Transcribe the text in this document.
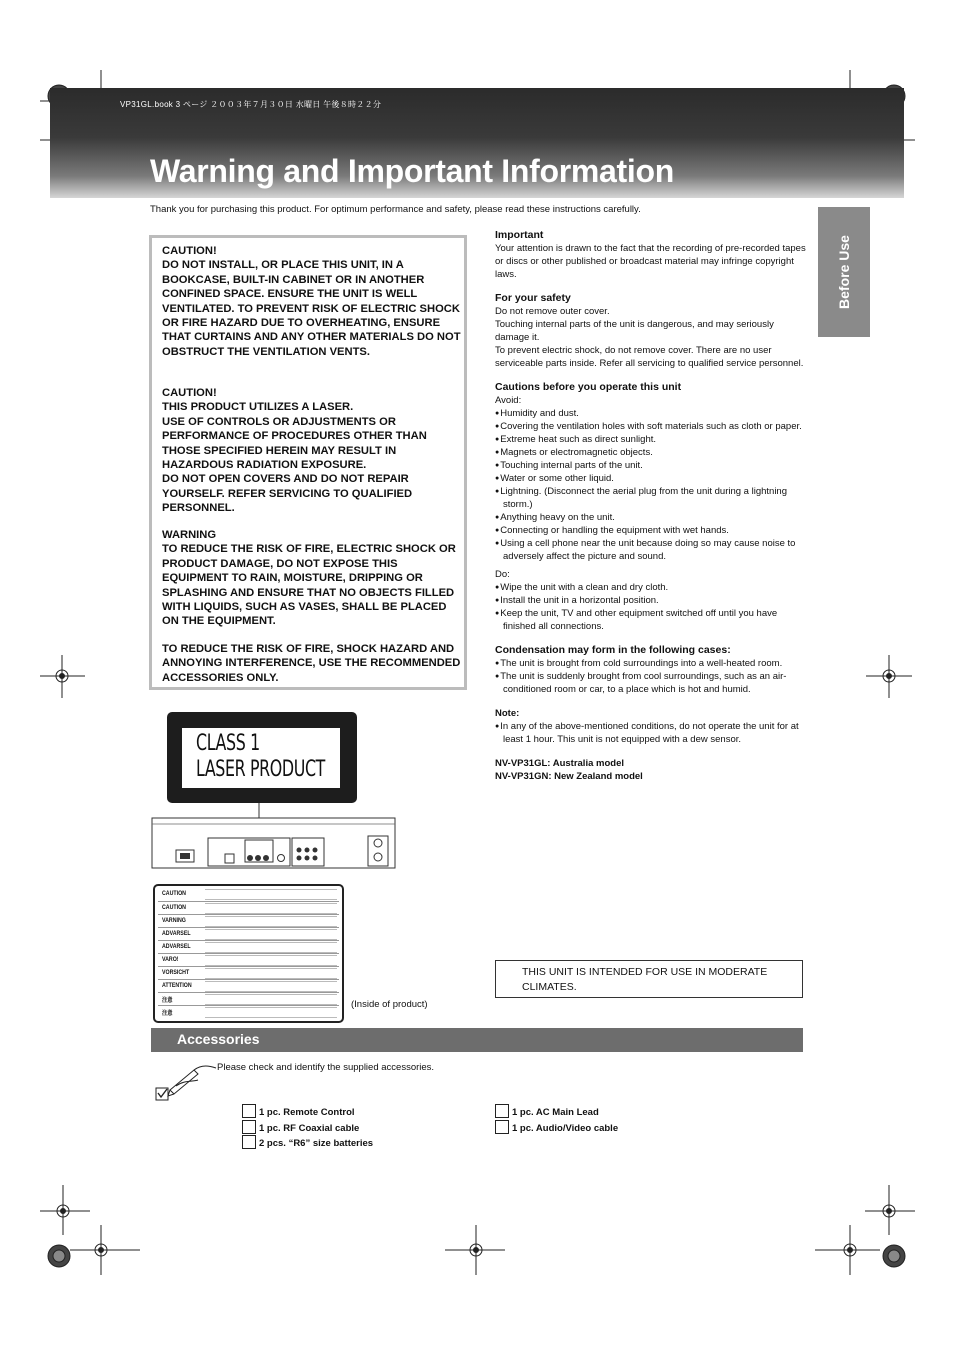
VP31GL.book 3 ページ ２００３年７月３０日 水曜日 午後８時２２分
Warning and Important Information
Thank you for purchasing this product. For optimum performance and safety, please read these instructions carefully.
Before Use
CAUTION!
DO NOT INSTALL, OR PLACE THIS UNIT, IN A BOOKCASE, BUILT-IN CABINET OR IN ANOTHER CONFINED SPACE. ENSURE THE UNIT IS WELL VENTILATED. TO PREVENT RISK OF ELECTRIC SHOCK OR FIRE HAZARD DUE TO OVERHEATING, ENSURE THAT CURTAINS AND ANY OTHER MATERIALS DO NOT OBSTRUCT THE VENTILATION VENTS.
CAUTION!
THIS PRODUCT UTILIZES A LASER.
USE OF CONTROLS OR ADJUSTMENTS OR PERFORMANCE OF PROCEDURES OTHER THAN THOSE SPECIFIED HEREIN MAY RESULT IN HAZARDOUS RADIATION EXPOSURE.
DO NOT OPEN COVERS AND DO NOT REPAIR YOURSELF. REFER SERVICING TO QUALIFIED PERSONNEL.
WARNING
TO REDUCE THE RISK OF FIRE, ELECTRIC SHOCK OR PRODUCT DAMAGE, DO NOT EXPOSE THIS EQUIPMENT TO RAIN, MOISTURE, DRIPPING OR SPLASHING AND ENSURE THAT NO OBJECTS FILLED WITH LIQUIDS, SUCH AS VASES, SHALL BE PLACED ON THE EQUIPMENT.
TO REDUCE THE RISK OF FIRE, SHOCK HAZARD AND ANNOYING INTERFERENCE, USE THE RECOMMENDED ACCESSORIES ONLY.
Important

Your attention is drawn to the fact that the recording of pre-recorded tapes or discs or other published or broadcast material may infringe copyright laws.

For your safety

Do not remove outer cover.

Touching internal parts of the unit is dangerous, and may seriously damage it.

To prevent electric shock, do not remove cover. There are no user serviceable parts inside. Refer all servicing to qualified service personnel.

Cautions before you operate this unit

Avoid:

● Humidity and dust.
● Covering the ventilation holes with soft materials such as cloth or paper.
● Extreme heat such as direct sunlight.
● Magnets or electromagnetic objects.
● Touching internal parts of the unit.
● Water or some other liquid.
● Lightning. (Disconnect the aerial plug from the unit during a lightning storm.)
● Anything heavy on the unit.
● Connecting or handling the equipment with wet hands.
● Using a cell phone near the unit because doing so may cause noise to adversely affect the picture and sound.

Do:

● Wipe the unit with a clean and dry cloth.
● Install the unit in a horizontal position.
● Keep the unit, TV and other equipment switched off until you have finished all connections.
Condensation may form in the following cases:
● The unit is brought from cold surroundings into a well-heated room.
● The unit is suddenly brought from cool surroundings, such as an air-conditioned room or car, to a place which is hot and humid.
Note:
● In any of the above-mentioned conditions, do not operate the unit for at least 1 hour. This unit is not equipped with a dew sensor.

NV-VP31GL: Australia model

NV-VP31GN: New Zealand model

CLASS 1
LASER PRODUCT
CAUTION
CAUTION
VARNING
ADVARSEL
ADVARSEL
VARO!
VORSICHT
ATTENTION
注意
注意
(Inside of product)
THIS UNIT IS INTENDED FOR USE IN MODERATE CLIMATES.
Accessories
Please check and identify the supplied accessories.
1 pc. Remote Control
1 pc. RF Coaxial cable
2 pcs. “R6” size batteries
1 pc. AC Main Lead
1 pc. Audio/Video cable
